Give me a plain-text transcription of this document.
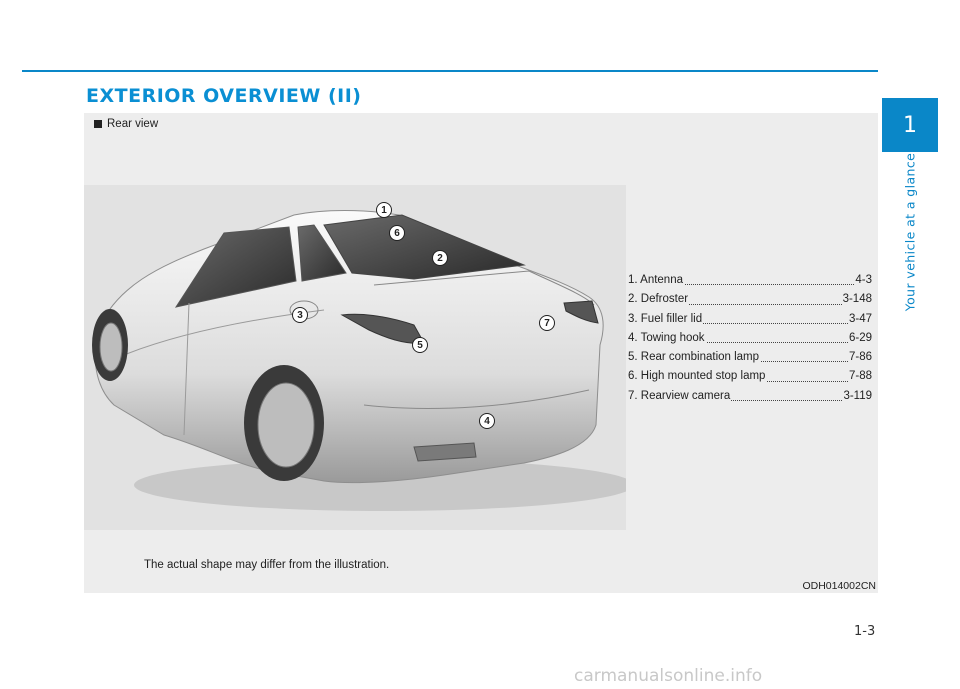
EXTERIOR OVERVIEW (II)
1
Your vehicle at a glance
Rear view
1
6
2
3
7
5
4
1. Antenna	4-3
2. Defroster	3-148
3. Fuel filler lid	3-47
4. Towing hook	6-29
5. Rear combination lamp	7-86
6. High mounted stop lamp	7-88
7. Rearview camera	3-119
The actual shape may differ from the illustration.
ODH014002CN
1-3
carmanualsonline.info
